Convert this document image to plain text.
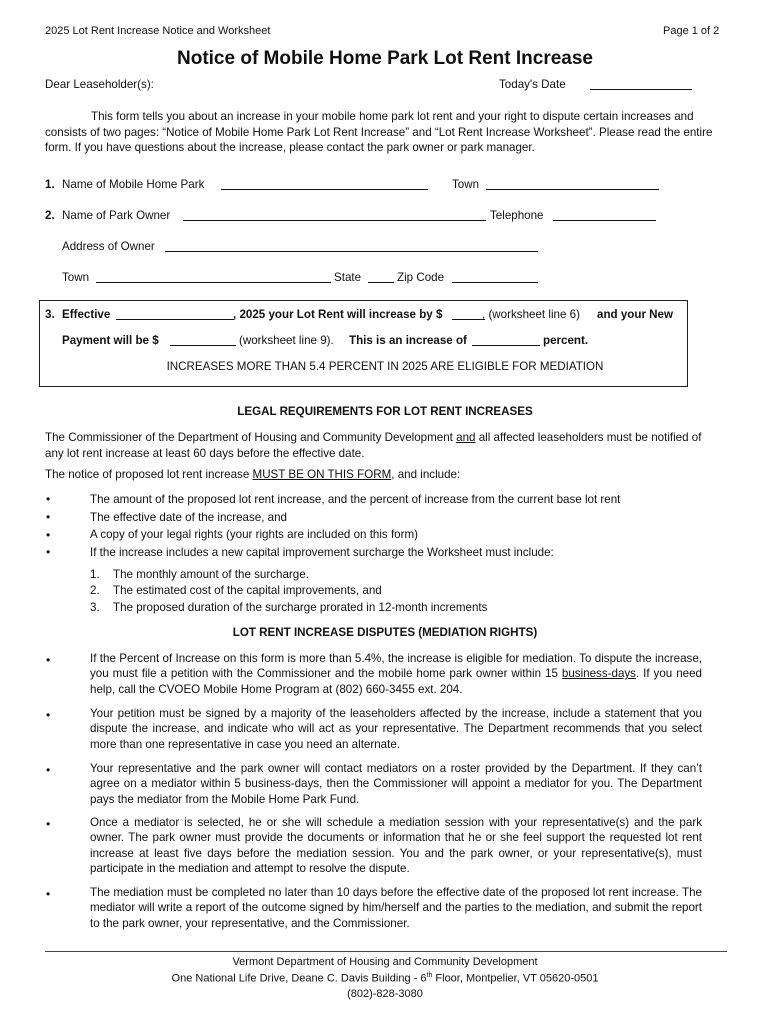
2025 Lot Rent Increase Notice and Worksheet	Page 1 of 2
Notice of Mobile Home Park Lot Rent Increase
Dear Leaseholder(s):	Today's Date
This form tells you about an increase in your mobile home park lot rent and your right to dispute certain increases and consists of two pages: “Notice of Mobile Home Park Lot Rent Increase” and “Lot Rent Increase Worksheet”. Please read the entire form. If you have questions about the increase, please contact the park owner or park manager.
1. Name of Mobile Home Park	Town
2. Name of Park Owner	Telephone
Address of Owner
Town	State	Zip Code
3. Effective	, 2025 your Lot Rent will increase by $	, (worksheet line 6) and your New
Payment will be $	(worksheet line 9). This is an increase of	percent.
INCREASES MORE THAN 5.4 PERCENT IN 2025 ARE ELIGIBLE FOR MEDIATION
LEGAL REQUIREMENTS FOR LOT RENT INCREASES
The Commissioner of the Department of Housing and Community Development and all affected leaseholders must be notified of any lot rent increase at least 60 days before the effective date.
The notice of proposed lot rent increase MUST BE ON THIS FORM, and include:
•	The amount of the proposed lot rent increase, and the percent of increase from the current base lot rent
•	The effective date of the increase, and
•	A copy of your legal rights (your rights are included on this form)
•	If the increase includes a new capital improvement surcharge the Worksheet must include:
1. The monthly amount of the surcharge.
2. The estimated cost of the capital improvements, and
3. The proposed duration of the surcharge prorated in 12-month increments
LOT RENT INCREASE DISPUTES (MEDIATION RIGHTS)
•	If the Percent of Increase on this form is more than 5.4%, the increase is eligible for mediation. To dispute the increase, you must file a petition with the Commissioner and the mobile home park owner within 15 business-days. If you need help, call the CVOEO Mobile Home Program at (802) 660-3455 ext. 204.
•	Your petition must be signed by a majority of the leaseholders affected by the increase, include a statement that you dispute the increase, and indicate who will act as your representative. The Department recommends that you select more than one representative in case you need an alternate.
•	Your representative and the park owner will contact mediators on a roster provided by the Department. If they can’t agree on a mediator within 5 business-days, then the Commissioner will appoint a mediator for you. The Department pays the mediator from the Mobile Home Park Fund.
•	Once a mediator is selected, he or she will schedule a mediation session with your representative(s) and the park owner. The park owner must provide the documents or information that he or she feel support the requested lot rent increase at least five days before the mediation session. You and the park owner, or your representative(s), must participate in the mediation and attempt to resolve the dispute.
•	The mediation must be completed no later than 10 days before the effective date of the proposed lot rent increase. The mediator will write a report of the outcome signed by him/herself and the parties to the mediation, and submit the report to the park owner, your representative, and the Commissioner.
Vermont Department of Housing and Community Development
One National Life Drive, Deane C. Davis Building - 6th Floor, Montpelier, VT 05620-0501
(802)-828-3080
